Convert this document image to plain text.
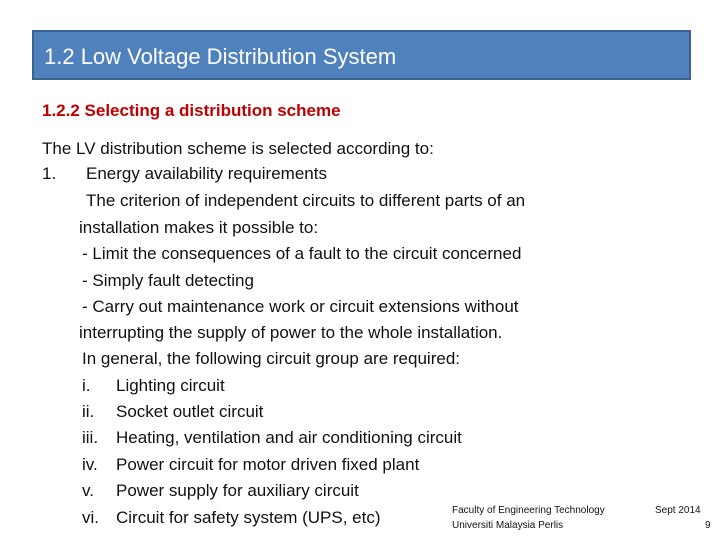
1.2 Low Voltage Distribution System
1.2.2 Selecting a distribution scheme
The LV distribution scheme is selected according to:
1. Energy availability requirements
The criterion of independent circuits to different parts of an
installation makes it possible to:
- Limit the consequences of a fault to the circuit concerned
- Simply fault detecting
- Carry out maintenance work or circuit extensions without
interrupting the supply of power to the whole installation.
In general, the following circuit group are required:
i. Lighting circuit
ii. Socket outlet circuit
iii. Heating, ventilation and air conditioning circuit
iv. Power circuit for motor driven fixed plant
v. Power supply for auxiliary circuit
vi. Circuit for safety system (UPS, etc)	Faculty of Engineering Technology
Universiti Malaysia Perlis
Sept 2014
9
